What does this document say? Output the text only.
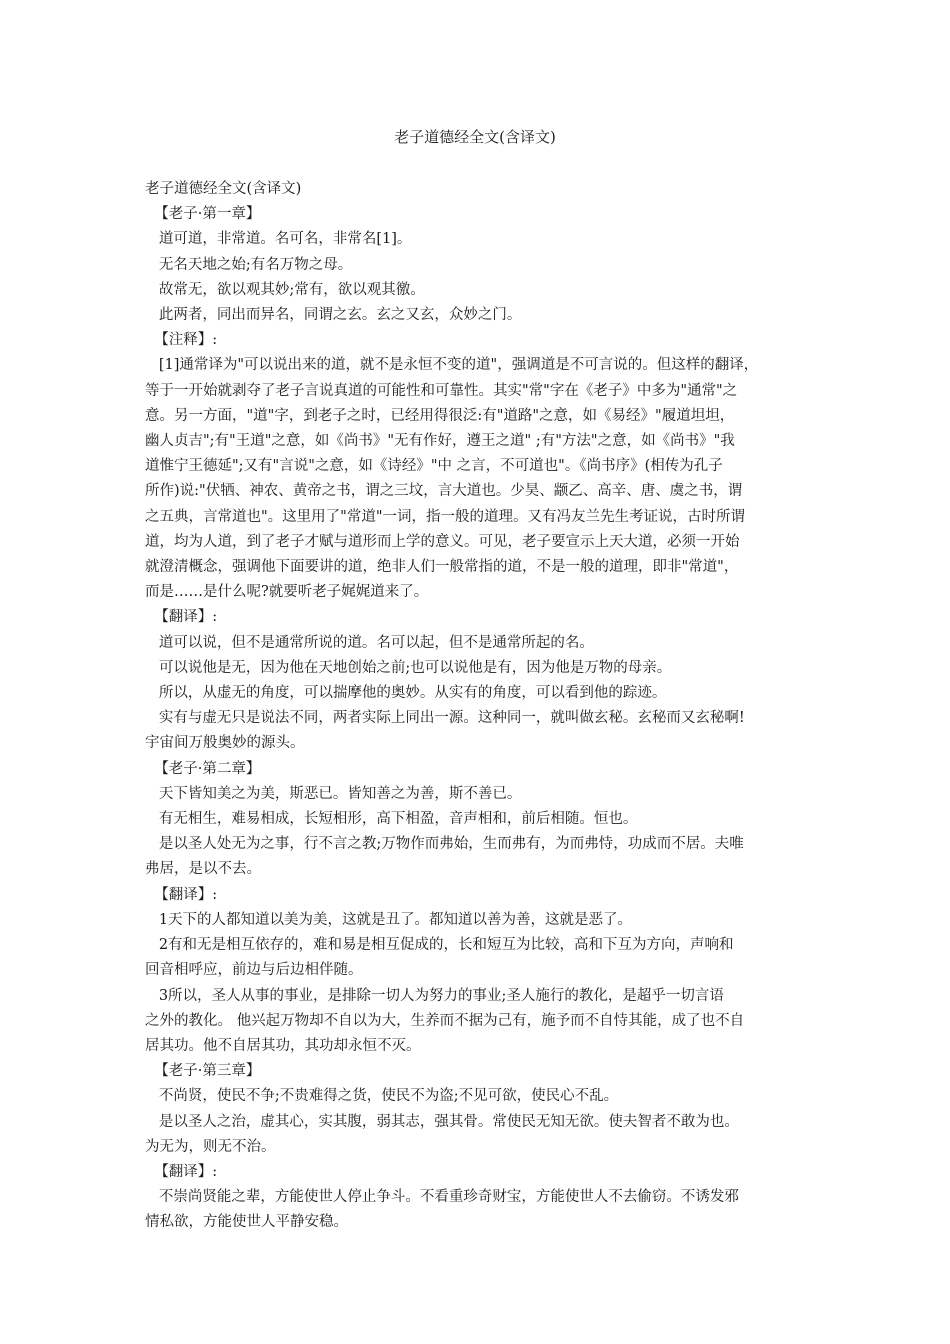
老子道德经全文(含译文)

老子道德经全文(含译文)

【老子·第一章】

道可道，非常道。名可名，非常名[1]。

无名天地之始;有名万物之母。

故常无，欲以观其妙;常有，欲以观其徼。

此两者，同出而异名，同谓之玄。玄之又玄，众妙之门。

【注释】:

[1]通常译为"可以说出来的道，就不是永恒不变的道"，强调道是不可言说的。但这样的翻译，

等于一开始就剥夺了老子言说真道的可能性和可靠性。其实"常"字在《老子》中多为"通常"之

意。另一方面，"道"字，到老子之时，已经用得很泛:有"道路"之意，如《易经》"履道坦坦，

幽人贞吉";有"王道"之意，如《尚书》"无有作好，遵王之道" ;有"方法"之意，如《尚书》"我

道惟宁王德延";又有"言说"之意，如《诗经》"中 之言，不可道也"。《尚书序》(相传为孔子

所作)说:"伏牺、神农、黄帝之书，谓之三坟，言大道也。少昊、颛乙、高辛、唐、虞之书，谓

之五典，言常道也"。这里用了"常道"一词，指一般的道理。又有冯友兰先生考证说，古时所谓

道，均为人道，到了老子才赋与道形而上学的意义。可见，老子要宣示上天大道，必须一开始

就澄清概念，强调他下面要讲的道，绝非人们一般常指的道，不是一般的道理，即非"常道"，

而是……是什么呢?就要听老子娓娓道来了。

【翻译】:

道可以说，但不是通常所说的道。名可以起，但不是通常所起的名。

可以说他是无，因为他在天地创始之前;也可以说他是有，因为他是万物的母亲。

所以，从虚无的角度，可以揣摩他的奥妙。从实有的角度，可以看到他的踪迹。

实有与虚无只是说法不同，两者实际上同出一源。这种同一，就叫做玄秘。玄秘而又玄秘啊!

宇宙间万般奥妙的源头。

【老子·第二章】

天下皆知美之为美，斯恶已。皆知善之为善，斯不善已。

有无相生，难易相成，长短相形，高下相盈，音声相和，前后相随。恒也。

是以圣人处无为之事，行不言之教;万物作而弗始，生而弗有，为而弗恃，功成而不居。夫唯

弗居，是以不去。

【翻译】:

1天下的人都知道以美为美，这就是丑了。都知道以善为善，这就是恶了。

2有和无是相互依存的，难和易是相互促成的，长和短互为比较，高和下互为方向，声响和

回音相呼应，前边与后边相伴随。

3所以，圣人从事的事业，是排除一切人为努力的事业;圣人施行的教化，是超乎一切言语

之外的教化。 他兴起万物却不自以为大，生养而不据为己有，施予而不自恃其能，成了也不自

居其功。他不自居其功，其功却永恒不灭。

【老子·第三章】

不尚贤，使民不争;不贵难得之货，使民不为盗;不见可欲，使民心不乱。

是以圣人之治，虚其心，实其腹，弱其志，强其骨。常使民无知无欲。使夫智者不敢为也。

为无为，则无不治。

【翻译】:

不崇尚贤能之辈，方能使世人停止争斗。不看重珍奇财宝，方能使世人不去偷窃。不诱发邪

情私欲，方能使世人平静安稳。
